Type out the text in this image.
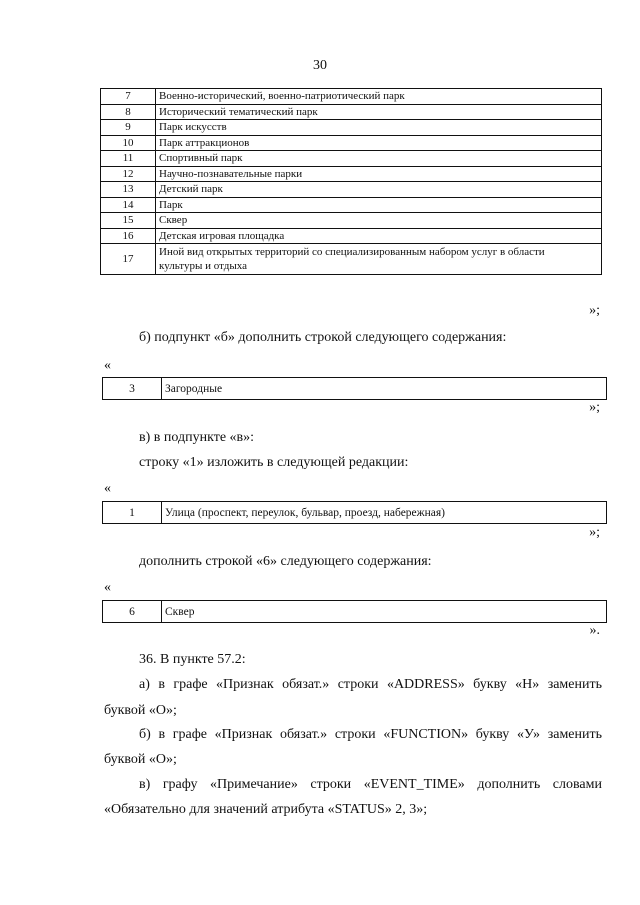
30
7	Военно-исторический, военно-патриотический парк
8	Исторический тематический парк
9	Парк искусств
10	Парк аттракционов
11	Спортивный парк
12	Научно-познавательные парки
13	Детский парк
14	Парк
15	Сквер
16	Детская игровая площадка
17	Иной вид открытых территорий со специализированным набором услуг в области
культуры и отдыха
»;
б) подпункт «б» дополнить строкой следующего содержания:
«
3	Загородные
»;
в) в подпункте «в»:
строку «1» изложить в следующей редакции:
«
1	Улица (проспект, переулок, бульвар, проезд, набережная)
»;
дополнить строкой «6» следующего содержания:
«
6	Сквер
».
36. В пункте 57.2:
а) в графе «Признак обязат.» строки «ADDRESS» букву «Н» заменить
буквой «О»;
б) в графе «Признак обязат.» строки «FUNCTION» букву «У» заменить
буквой «О»;
в) графу «Примечание» строки «EVENT_TIME» дополнить словами
«Обязательно для значений атрибута «STATUS» 2, 3»;
